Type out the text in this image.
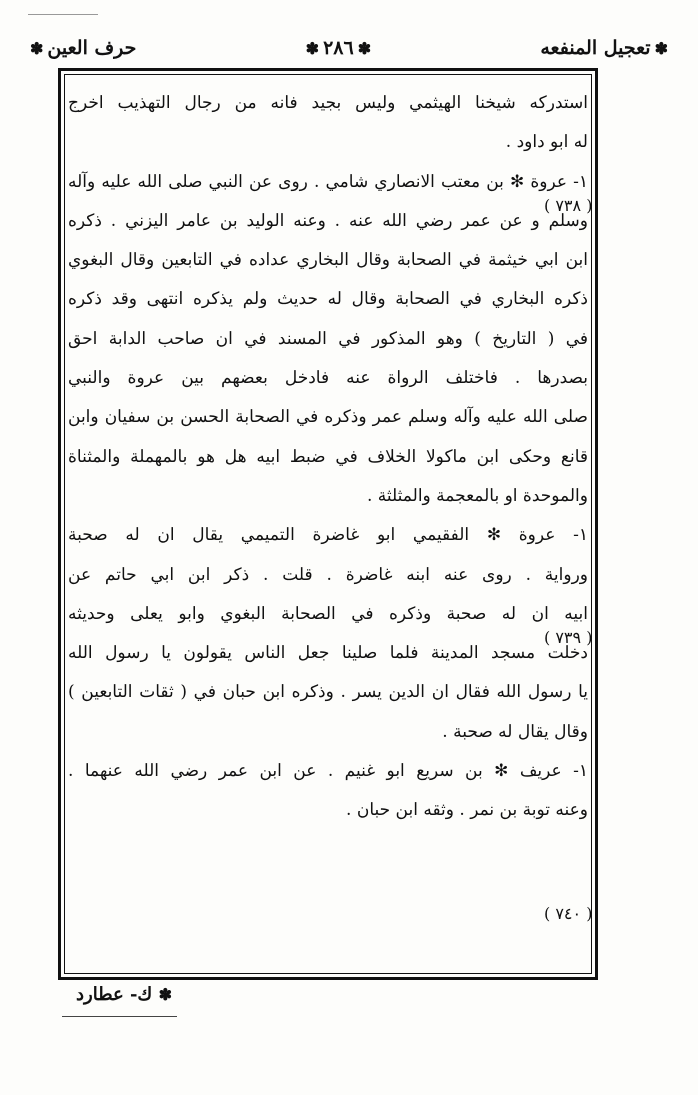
✽
تعجيل المنفعه
✽
٢٨٦
✽
حرف العين
✽
استدركه شيخنا الهيثمي وليس بجيد فانه من رجال التهذيب اخرج
له ابو داود .
١- عروة ✻ بن معتب الانصاري شامي . روى عن النبي صلى الله عليه وآله
وسلم و عن عمر رضي الله عنه . وعنه الوليد بن عامر اليزني . ذكره
ابن ابي خيثمة في الصحابة وقال البخاري عداده في التابعين وقال البغوي
ذكره البخاري في الصحابة وقال له حديث ولم يذكره انتهى وقد ذكره
في ( التاريخ ) وهو المذكور في المسند في ان صاحب الدابة احق
بصدرها . فاختلف الرواة عنه فادخل بعضهم بين عروة والنبي
صلى الله عليه وآله وسلم عمر وذكره في الصحابة الحسن بن سفيان وابن
قانع وحكى ابن ماكولا الخلاف في ضبط ابيه هل هو بالمهملة والمثناة
والموحدة او بالمعجمة والمثلثة .
١- عروة ✻ الفقيمي ابو غاضرة التميمي يقال ان له صحبة
ورواية . روى عنه ابنه غاضرة . قلت . ذكر ابن ابي حاتم عن
ابيه ان له صحبة وذكره في الصحابة البغوي وابو يعلى وحديثه
دخلت مسجد المدينة فلما صلينا جعل الناس يقولون يا رسول الله
يا رسول الله فقال ان الدين يسر . وذكره ابن حبان في ( ثقات التابعين )
وقال يقال له صحبة .
١- عريف ✻ بن سريع ابو غنيم . عن ابن عمر رضي الله عنهما .
وعنه توبة بن نمر . وثقه ابن حبان .
( ٧٣٨ )
( ٧٣٩ )
( ٧٤٠ )
✽ ك- عطارد
